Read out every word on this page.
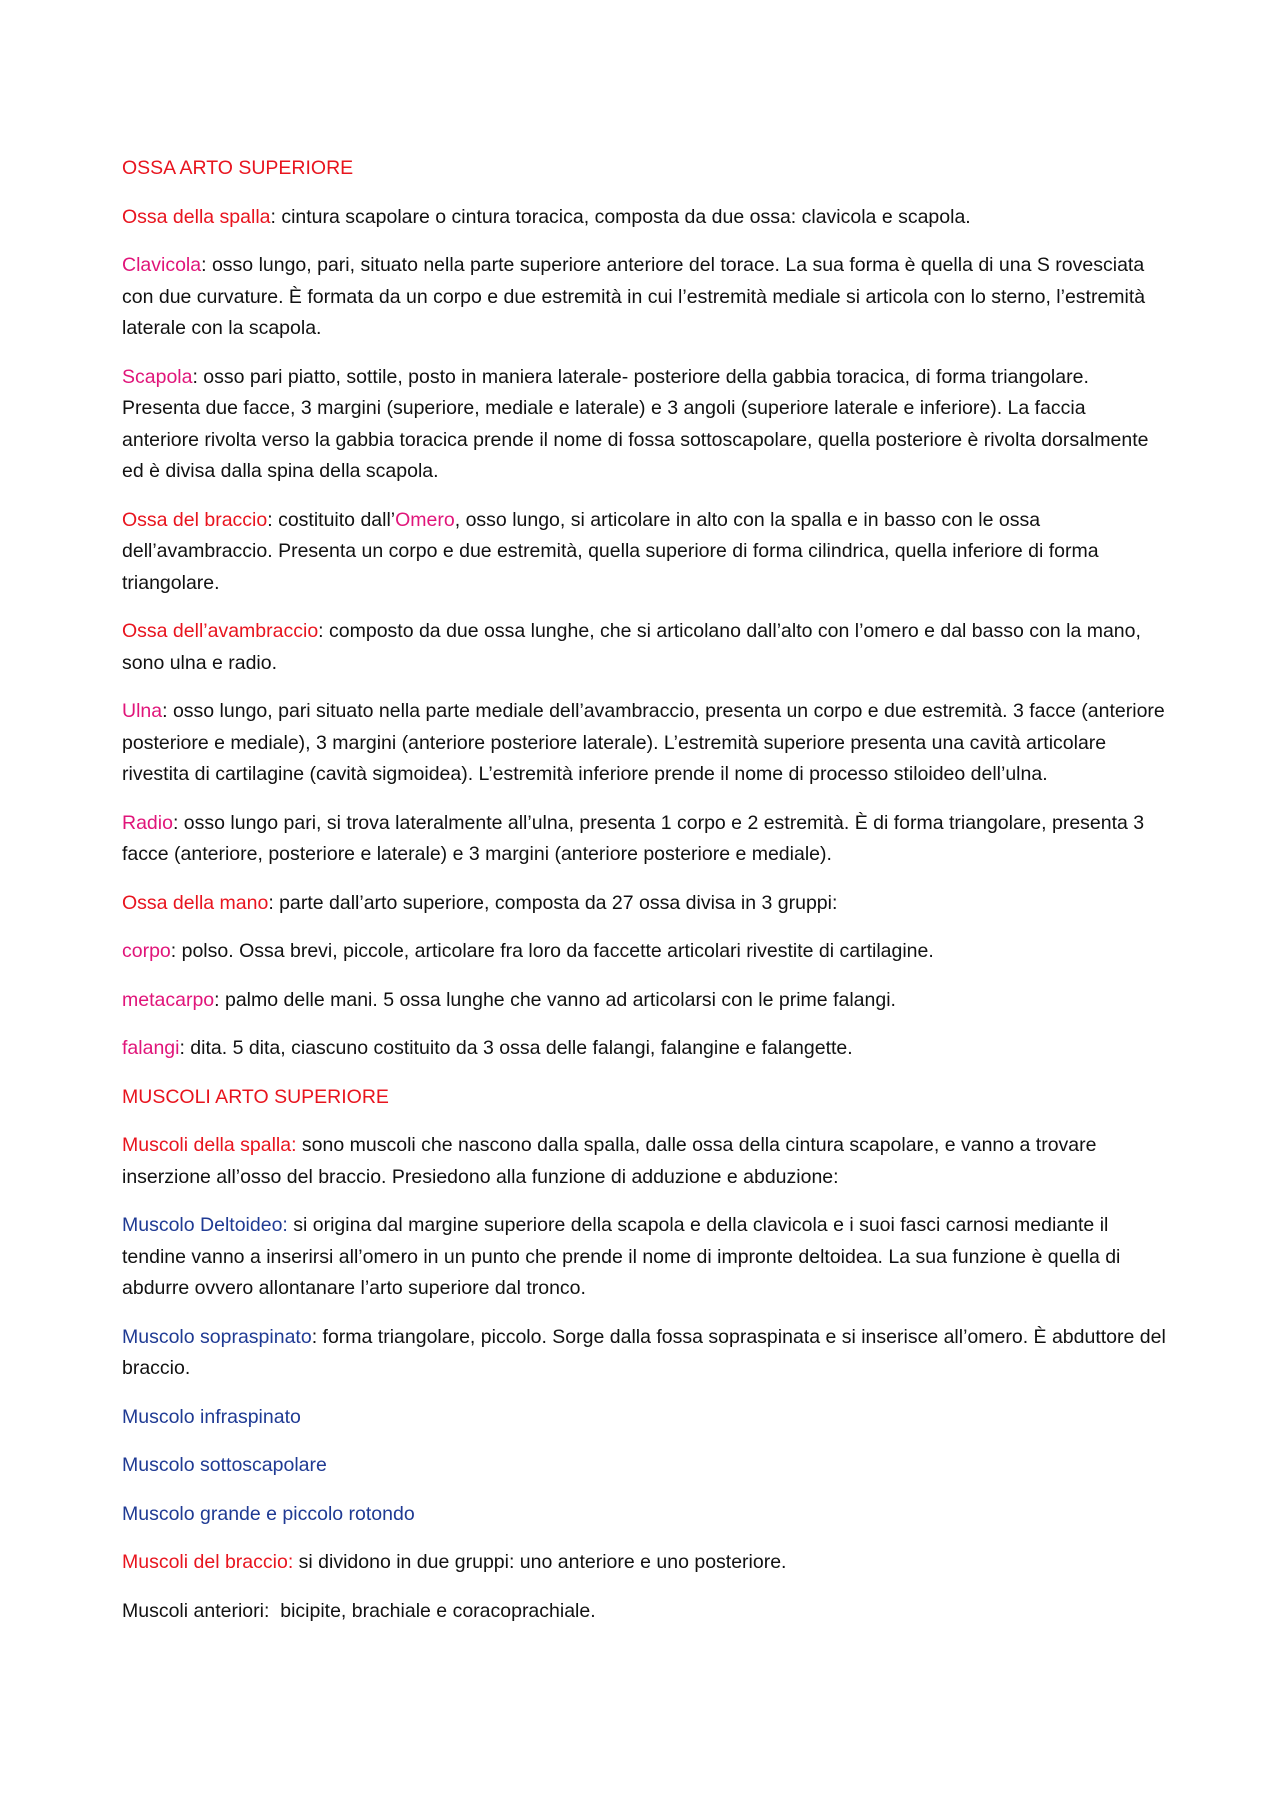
OSSA ARTO SUPERIORE

Ossa della spalla: cintura scapolare o cintura toracica, composta da due ossa: clavicola e scapola.

Clavicola: osso lungo, pari, situato nella parte superiore anteriore del torace. La sua forma è quella di una S rovesciata con due curvature. È formata da un corpo e due estremità in cui l’estremità mediale si articola con lo sterno, l’estremità laterale con la scapola.

Scapola: osso pari piatto, sottile, posto in maniera laterale- posteriore della gabbia toracica, di forma triangolare. Presenta due facce, 3 margini (superiore, mediale e laterale) e 3 angoli (superiore laterale e inferiore). La faccia anteriore rivolta verso la gabbia toracica prende il nome di fossa sottoscapolare, quella posteriore è rivolta dorsalmente ed è divisa dalla spina della scapola.

Ossa del braccio: costituito dall’Omero, osso lungo, si articolare in alto con la spalla e in basso con le ossa dell’avambraccio. Presenta un corpo e due estremità, quella superiore di forma cilindrica, quella inferiore di forma triangolare.

Ossa dell’avambraccio: composto da due ossa lunghe, che si articolano dall’alto con l’omero e dal basso con la mano, sono ulna e radio.

Ulna: osso lungo, pari situato nella parte mediale dell’avambraccio, presenta un corpo e due estremità. 3 facce (anteriore posteriore e mediale), 3 margini (anteriore posteriore laterale). L’estremità superiore presenta una cavità articolare rivestita di cartilagine (cavità sigmoidea). L’estremità inferiore prende il nome di processo stiloideo dell’ulna.

Radio: osso lungo pari, si trova lateralmente all’ulna, presenta 1 corpo e 2 estremità. È di forma triangolare, presenta 3 facce (anteriore, posteriore e laterale) e 3 margini (anteriore posteriore e mediale).

Ossa della mano: parte dall’arto superiore, composta da 27 ossa divisa in 3 gruppi:

corpo: polso. Ossa brevi, piccole, articolare fra loro da faccette articolari rivestite di cartilagine.

metacarpo: palmo delle mani. 5 ossa lunghe che vanno ad articolarsi con le prime falangi.

falangi: dita. 5 dita, ciascuno costituito da 3 ossa delle falangi, falangine e falangette.

MUSCOLI ARTO SUPERIORE

Muscoli della spalla: sono muscoli che nascono dalla spalla, dalle ossa della cintura scapolare, e vanno a trovare inserzione all’osso del braccio. Presiedono alla funzione di adduzione e abduzione:

Muscolo Deltoideo: si origina dal margine superiore della scapola e della clavicola e i suoi fasci carnosi mediante il tendine vanno a inserirsi all’omero in un punto che prende il nome di impronte deltoidea. La sua funzione è quella di abdurre ovvero allontanare l’arto superiore dal tronco.

Muscolo sopraspinato: forma triangolare, piccolo. Sorge dalla fossa sopraspinata e si inserisce all’omero. È abduttore del braccio.

Muscolo infraspinato

Muscolo sottoscapolare

Muscolo grande e piccolo rotondo

Muscoli del braccio: si dividono in due gruppi: uno anteriore e uno posteriore.

Muscoli anteriori:  bicipite, brachiale e coracoprachiale.
